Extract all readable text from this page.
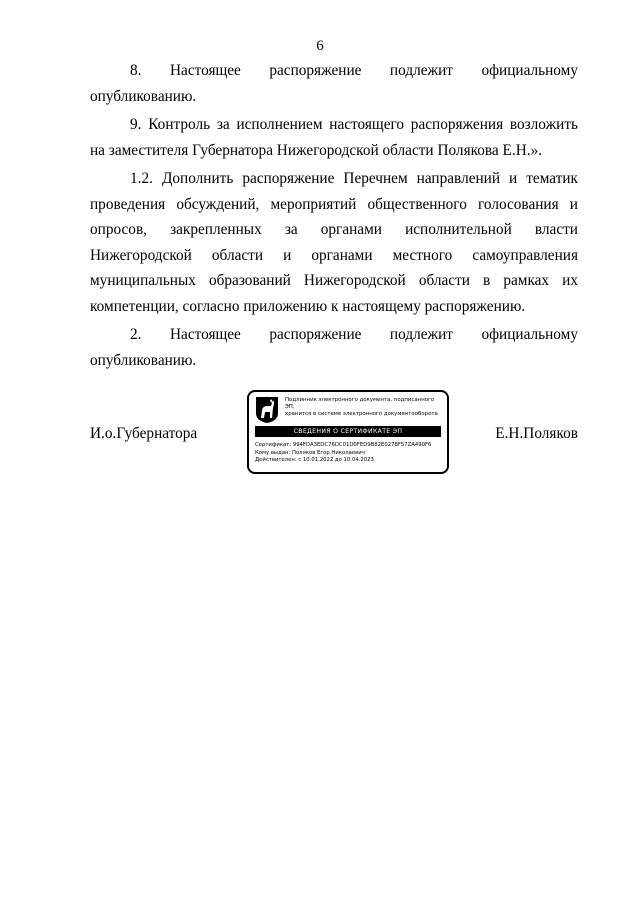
6

8. Настоящее распоряжение подлежит официальному опубликованию.

9. Контроль за исполнением настоящего распоряжения возложить на заместителя Губернатора Нижегородской области Полякова Е.Н.».

1.2. Дополнить распоряжение Перечнем направлений и тематик проведения обсуждений, мероприятий общественного голосования и опросов, закрепленных за органами исполнительной власти Нижегородской области и органами местного самоуправления муниципальных образований Нижегородской области в рамках их компетенции, согласно приложению к настоящему распоряжению.

2. Настоящее распоряжение подлежит официальному опубликованию.

И.о.Губернатора
Подлинник электронного документа, подписанного ЭП,
хранится в системе электронного документооборота
СВЕДЕНИЯ О СЕРТИФИКАТЕ ЭП
Сертификат: 994FDA3EDC76DC01D0FED9B82E0278F57ZA490F6
Кому выдан: Поляков Егор Николаевич
Действителен: с 10.01.2022 до 10.04.2023
Е.Н.Поляков
